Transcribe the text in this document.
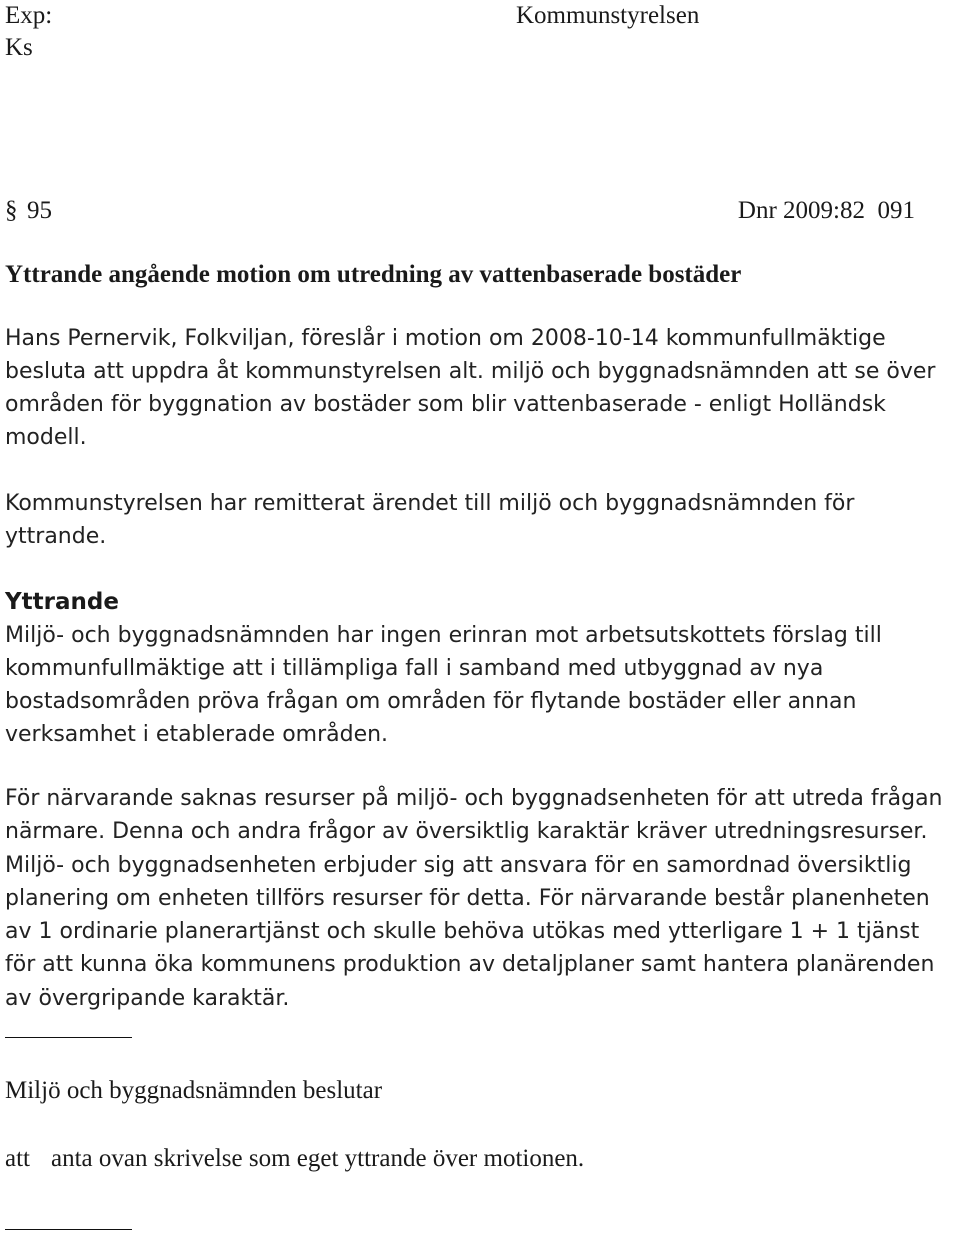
Exp:	Kommunstyrelsen
Ks
§ 95	Dnr 2009:82  091
Yttrande angående motion om utredning av vattenbaserade bostäder

Hans Pernervik, Folkviljan, föreslår i motion om 2008-10-14 kommunfullmäktige besluta att uppdra åt kommunstyrelsen alt. miljö och byggnadsnämnden att se över områden för byggnation av bostäder som blir vattenbaserade - enligt Holländsk modell.

Kommunstyrelsen har remitterat ärendet till miljö och byggnadsnämnden för yttrande.

Yttrande

Miljö- och byggnadsnämnden har ingen erinran mot arbetsutskottets förslag till kommunfullmäktige att i tillämpliga fall i samband med utbyggnad av nya bostadsområden pröva frågan om områden för flytande bostäder eller annan verksamhet i etablerade områden.

För närvarande saknas resurser på miljö- och byggnadsenheten för att utreda frågan närmare. Denna och andra frågor av översiktlig karaktär kräver utredningsresurser. Miljö- och byggnadsenheten erbjuder sig att ansvara för en samordnad översiktlig planering om enheten tillförs resurser för detta. För närvarande består planenheten av 1 ordinarie planerartjänst och skulle behöva utökas med ytterligare 1 + 1 tjänst för att kunna öka kommunens produktion av detaljplaner samt hantera planärenden av övergripande karaktär.

Miljö och byggnadsnämnden beslutar
att anta ovan skrivelse som eget yttrande över motionen.
